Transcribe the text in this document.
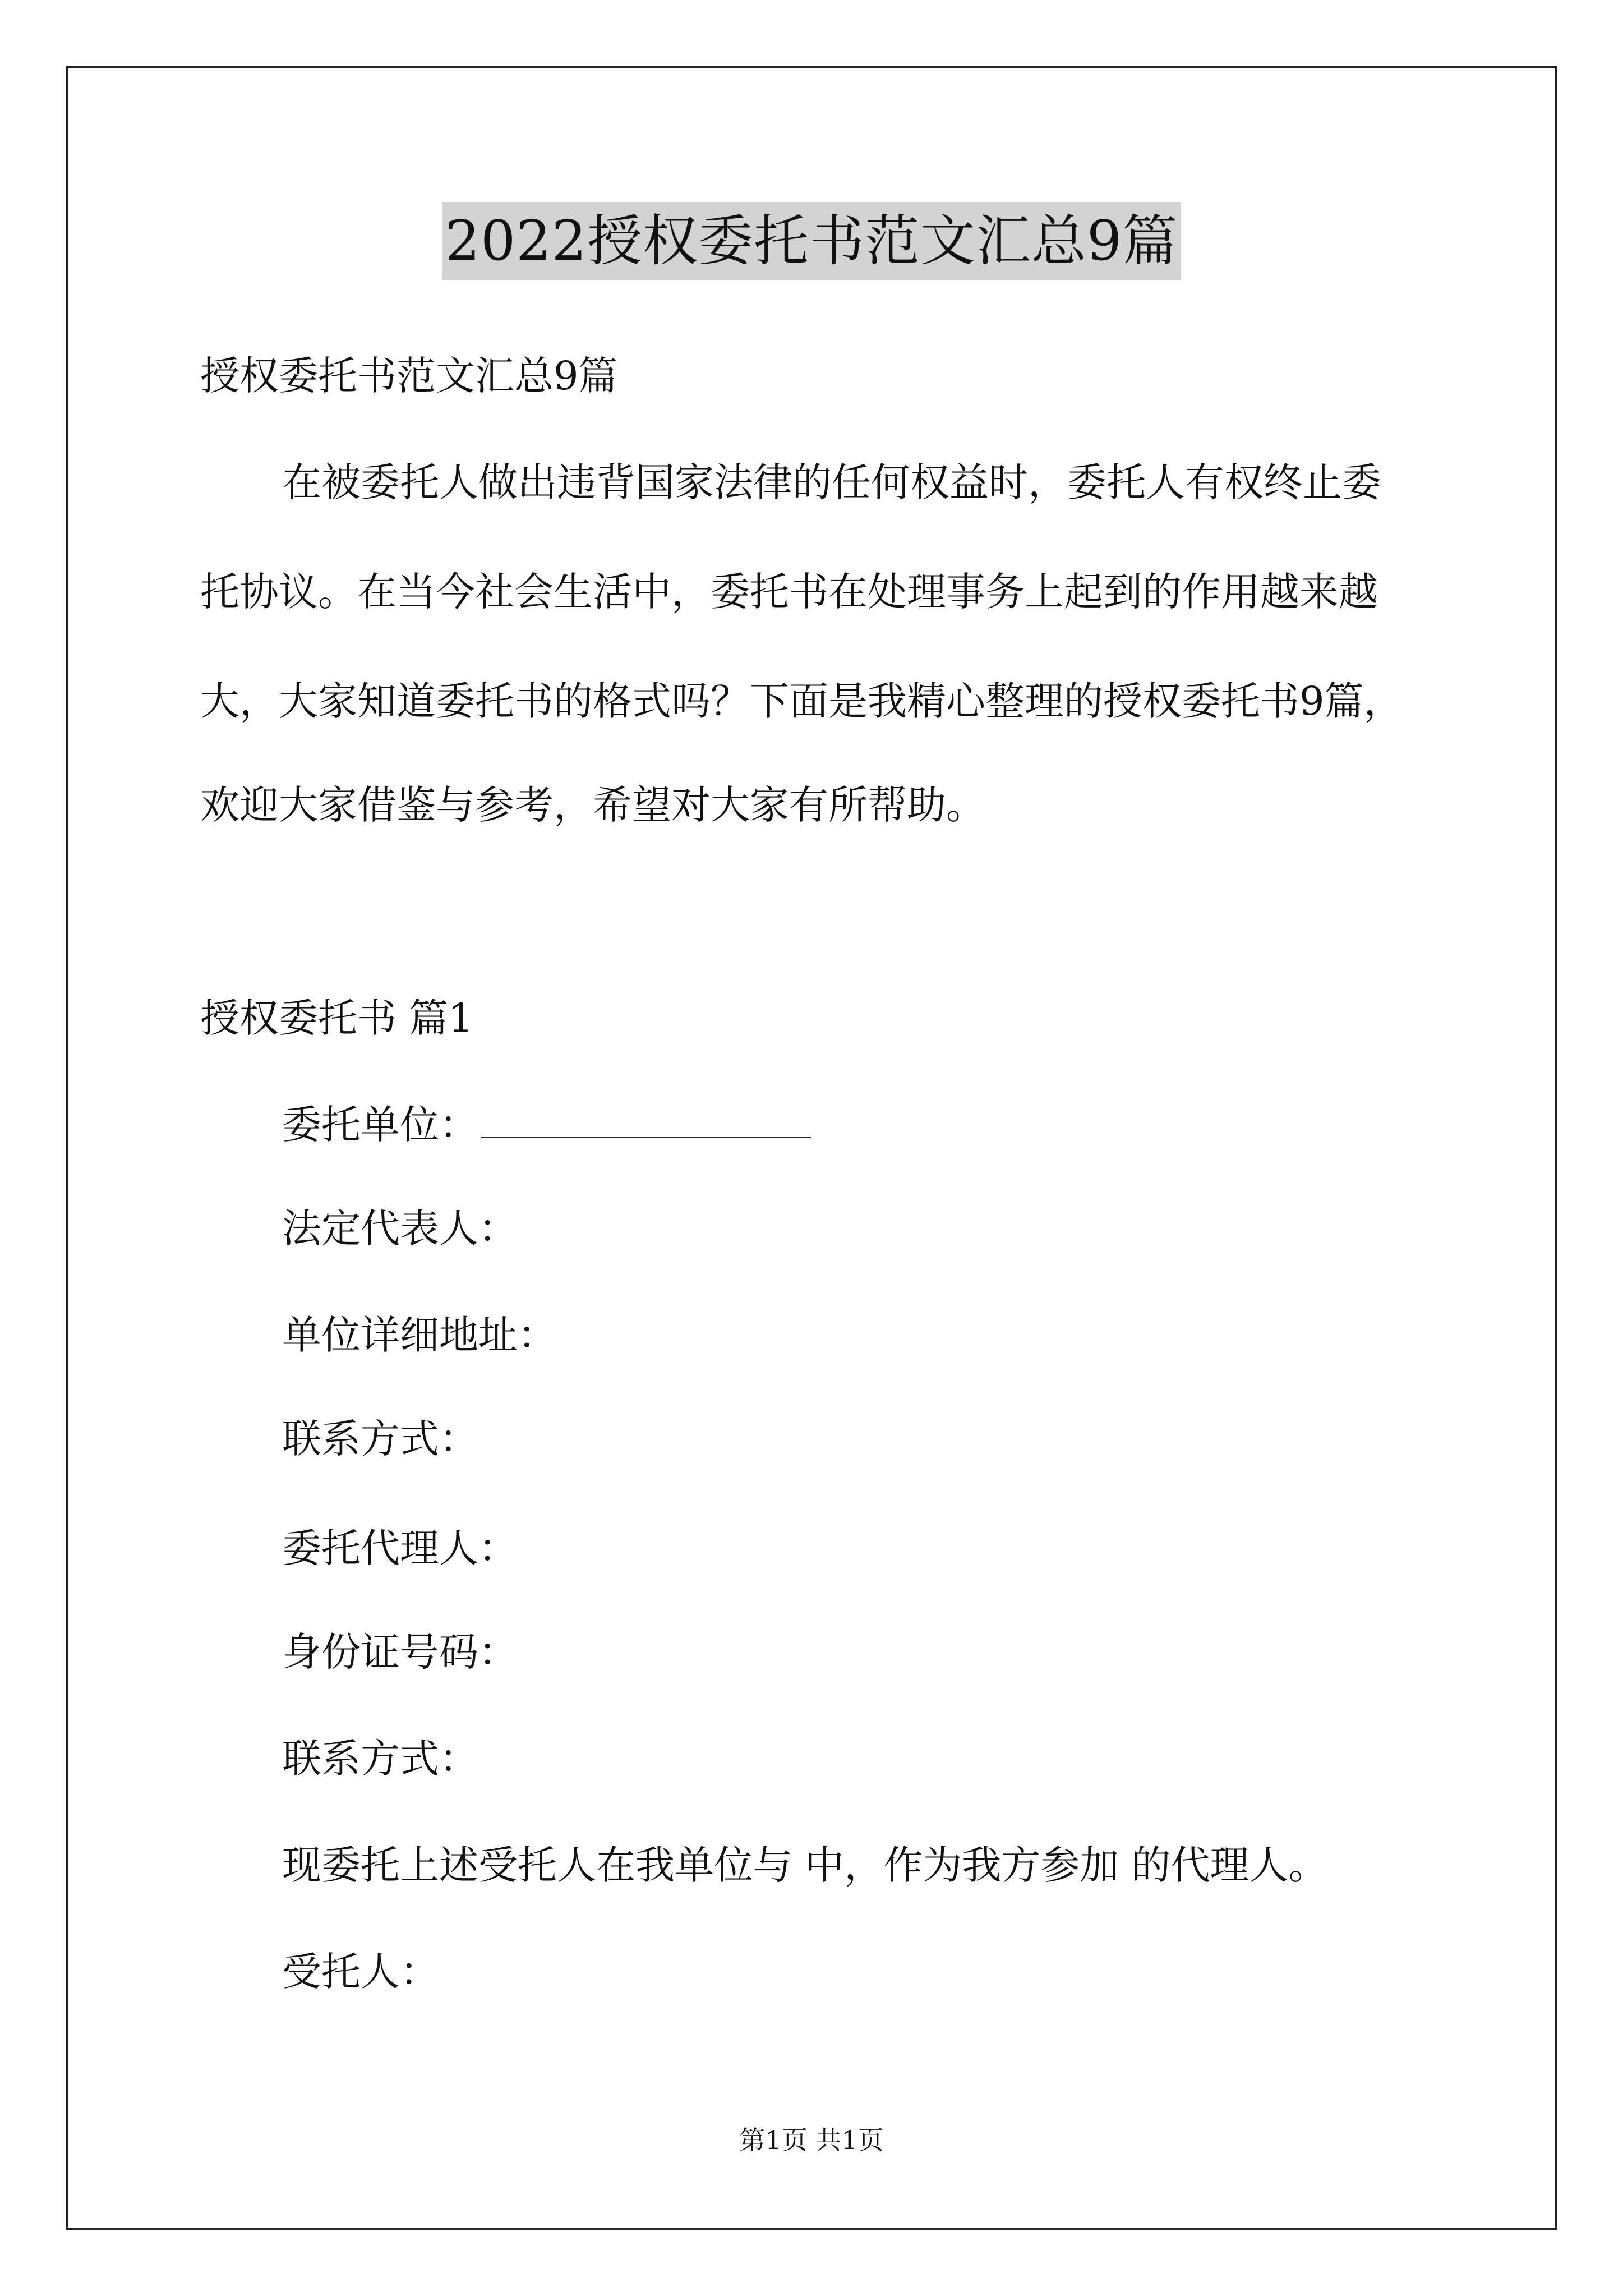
2022授权委托书范文汇总9篇
授权委托书范文汇总9篇
在被委托人做出违背国家法律的任何权益时，委托人有权终止委
托协议。在当今社会生活中，委托书在处理事务上起到的作用越来越
大，大家知道委托书的格式吗？下面是我精心整理的授权委托书9篇，
欢迎大家借鉴与参考，希望对大家有所帮助。
授权委托书 篇1
委托单位：
法定代表人：
单位详细地址：
联系方式：
委托代理人：
身份证号码：
联系方式：
现委托上述受托人在我单位与 中，作为我方参加 的代理人。
受托人：
第1页 共1页
